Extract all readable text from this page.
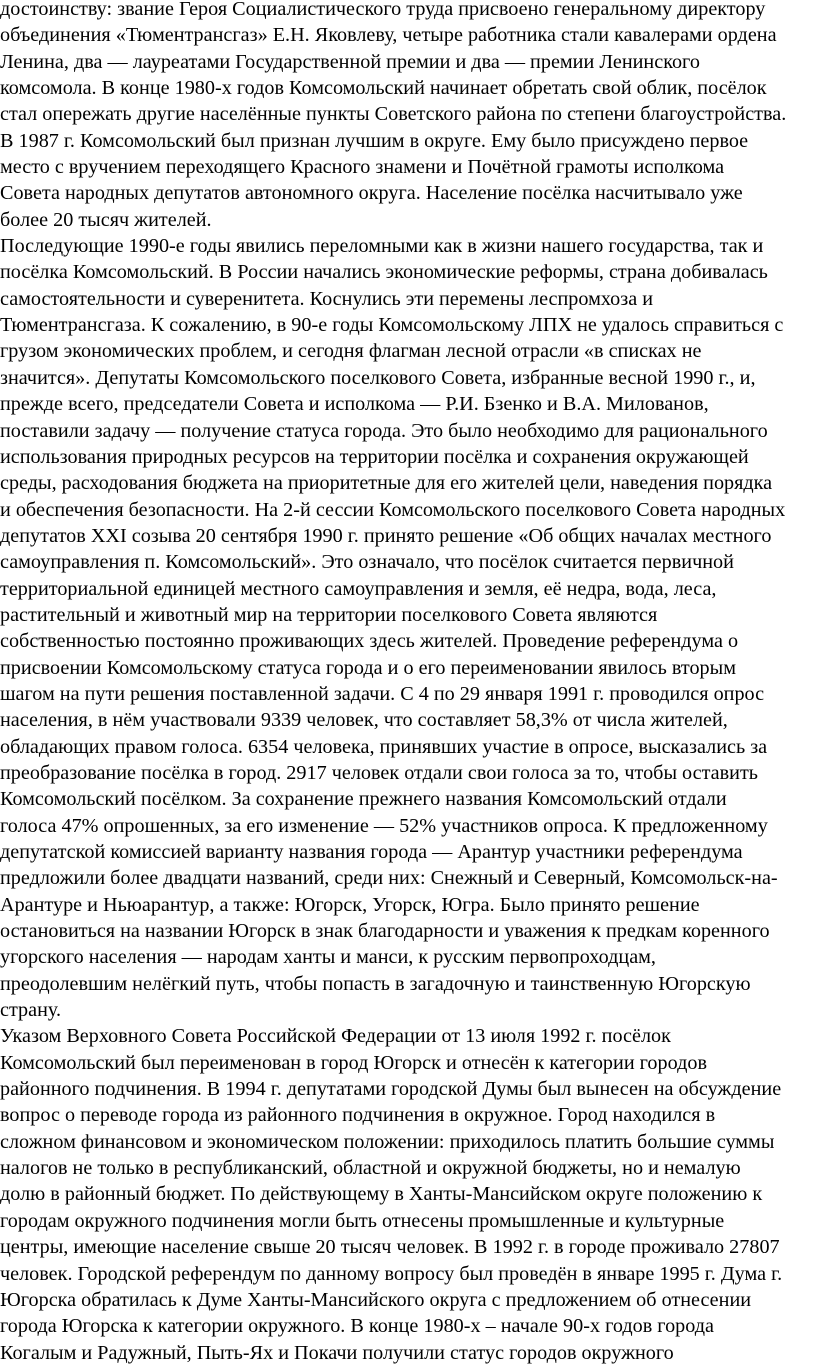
достоинству: звание Героя Социалистического труда присвоено генеральному директору
объединения «Тюментрансгаз» Е.Н. Яковлеву, четыре работника стали кавалерами ордена
Ленина, два — лауреатами Государственной премии и два — премии Ленинского
комсомола. В конце 1980-х годов Комсомольский начинает обретать свой облик, посёлок
стал опережать другие населённые пункты Советского района по степени благоустройства.
В 1987 г. Комсомольский был признан лучшим в округе. Ему было присуждено первое
место с вручением переходящего Красного знамени и Почётной грамоты исполкома
Совета народных депутатов автономного округа. Население посёлка насчитывало уже
более 20 тысяч жителей.
Последующие 1990-е годы явились переломными как в жизни нашего государства, так и
посёлка Комсомольский. В России начались экономические реформы, страна добивалась
самостоятельности и суверенитета. Коснулись эти перемены леспромхоза и
Тюментрансгаза. К сожалению, в 90-е годы Комсомольскому ЛПХ не удалось справиться с
грузом экономических проблем, и сегодня флагман лесной отрасли «в списках не
значится». Депутаты Комсомольского поселкового Совета, избранные весной 1990 г., и,
прежде всего, председатели Совета и исполкома — Р.И. Бзенко и В.А. Милованов,
поставили задачу — получение статуса города. Это было необходимо для рационального
использования природных ресурсов на территории посёлка и сохранения окружающей
среды, расходования бюджета на приоритетные для его жителей цели, наведения порядка
и обеспечения безопасности. На 2-й сессии Комсомольского поселкового Совета народных
депутатов XXI созыва 20 сентября 1990 г. принято решение «Об общих началах местного
самоуправления п. Комсомольский». Это означало, что посёлок считается первичной
территориальной единицей местного самоуправления и земля, её недра, вода, леса,
растительный и животный мир на территории поселкового Совета являются
собственностью постоянно проживающих здесь жителей. Проведение референдума о
присвоении Комсомольскому статуса города и о его переименовании явилось вторым
шагом на пути решения поставленной задачи. С 4 по 29 января 1991 г. проводился опрос
населения, в нём участвовали 9339 человек, что составляет 58,3% от числа жителей,
обладающих правом голоса. 6354 человека, принявших участие в опросе, высказались за
преобразование посёлка в город. 2917 человек отдали свои голоса за то, чтобы оставить
Комсомольский посёлком. За сохранение прежнего названия Комсомольский отдали
голоса 47% опрошенных, за его изменение — 52% участников опроса. К предложенному
депутатской комиссией варианту названия города — Арантур участники референдума
предложили более двадцати названий, среди них: Снежный и Северный, Комсомольск-на-
Арантуре и Ньюарантур, а также: Югорск, Угорск, Югра. Было принято решение
остановиться на названии Югорск в знак благодарности и уважения к предкам коренного
угорского населения — народам ханты и манси, к русским первопроходцам,
преодолевшим нелёгкий путь, чтобы попасть в загадочную и таинственную Югорскую
страну.
Указом Верховного Совета Российской Федерации от 13 июля 1992 г. посёлок
Комсомольский был переименован в город Югорск и отнесён к категории городов
районного подчинения. В 1994 г. депутатами городской Думы был вынесен на обсуждение
вопрос о переводе города из районного подчинения в окружное. Город находился в
сложном финансовом и экономическом положении: приходилось платить большие суммы
налогов не только в республиканский, областной и окружной бюджеты, но и немалую
долю в районный бюджет. По действующему в Ханты-Мансийском округе положению к
городам окружного подчинения могли быть отнесены промышленные и культурные
центры, имеющие население свыше 20 тысяч человек. В 1992 г. в городе проживало 27807
человек. Городской референдум по данному вопросу был проведён в январе 1995 г. Дума г.
Югорска обратилась к Думе Ханты-Мансийского округа с предложением об отнесении
города Югорска к категории окружного. В конце 1980-х – начале 90-х годов города
Когалым и Радужный, Пыть-Ях и Покачи получили статус городов окружного
